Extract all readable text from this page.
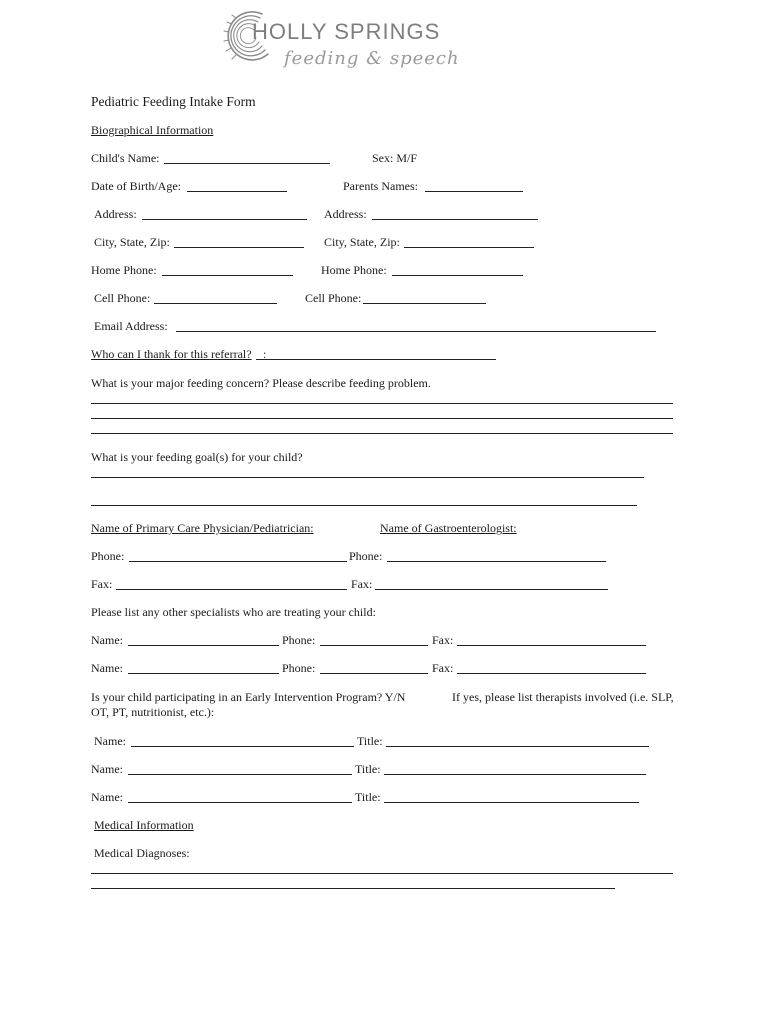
HOLLY SPRINGS
feeding & speech
Pediatric Feeding Intake Form
Biographical Information
Child's Name:	Sex: M/F
Date of Birth/Age:	Parents Names:
Address:	Address:
City, State, Zip:	City, State, Zip:
Home Phone:	Home Phone:
Cell Phone:	Cell Phone:
Email Address:
Who can I thank for this referral? :
What is your major feeding concern? Please describe feeding problem.
What is your feeding goal(s) for your child?
Name of Primary Care Physician/Pediatrician:	Name of Gastroenterologist:
Phone:	Phone:
Fax:	Fax:
Please list any other specialists who are treating your child:
Name:	Phone:	Fax:
Name:	Phone:	Fax:
Is your child participating in an Early Intervention Program? Y/N	If yes, please list therapists involved (i.e. SLP,
OT, PT, nutritionist, etc.):
Name:	Title:
Name:	Title:
Name:	Title:
Medical Information
Medical Diagnoses:
